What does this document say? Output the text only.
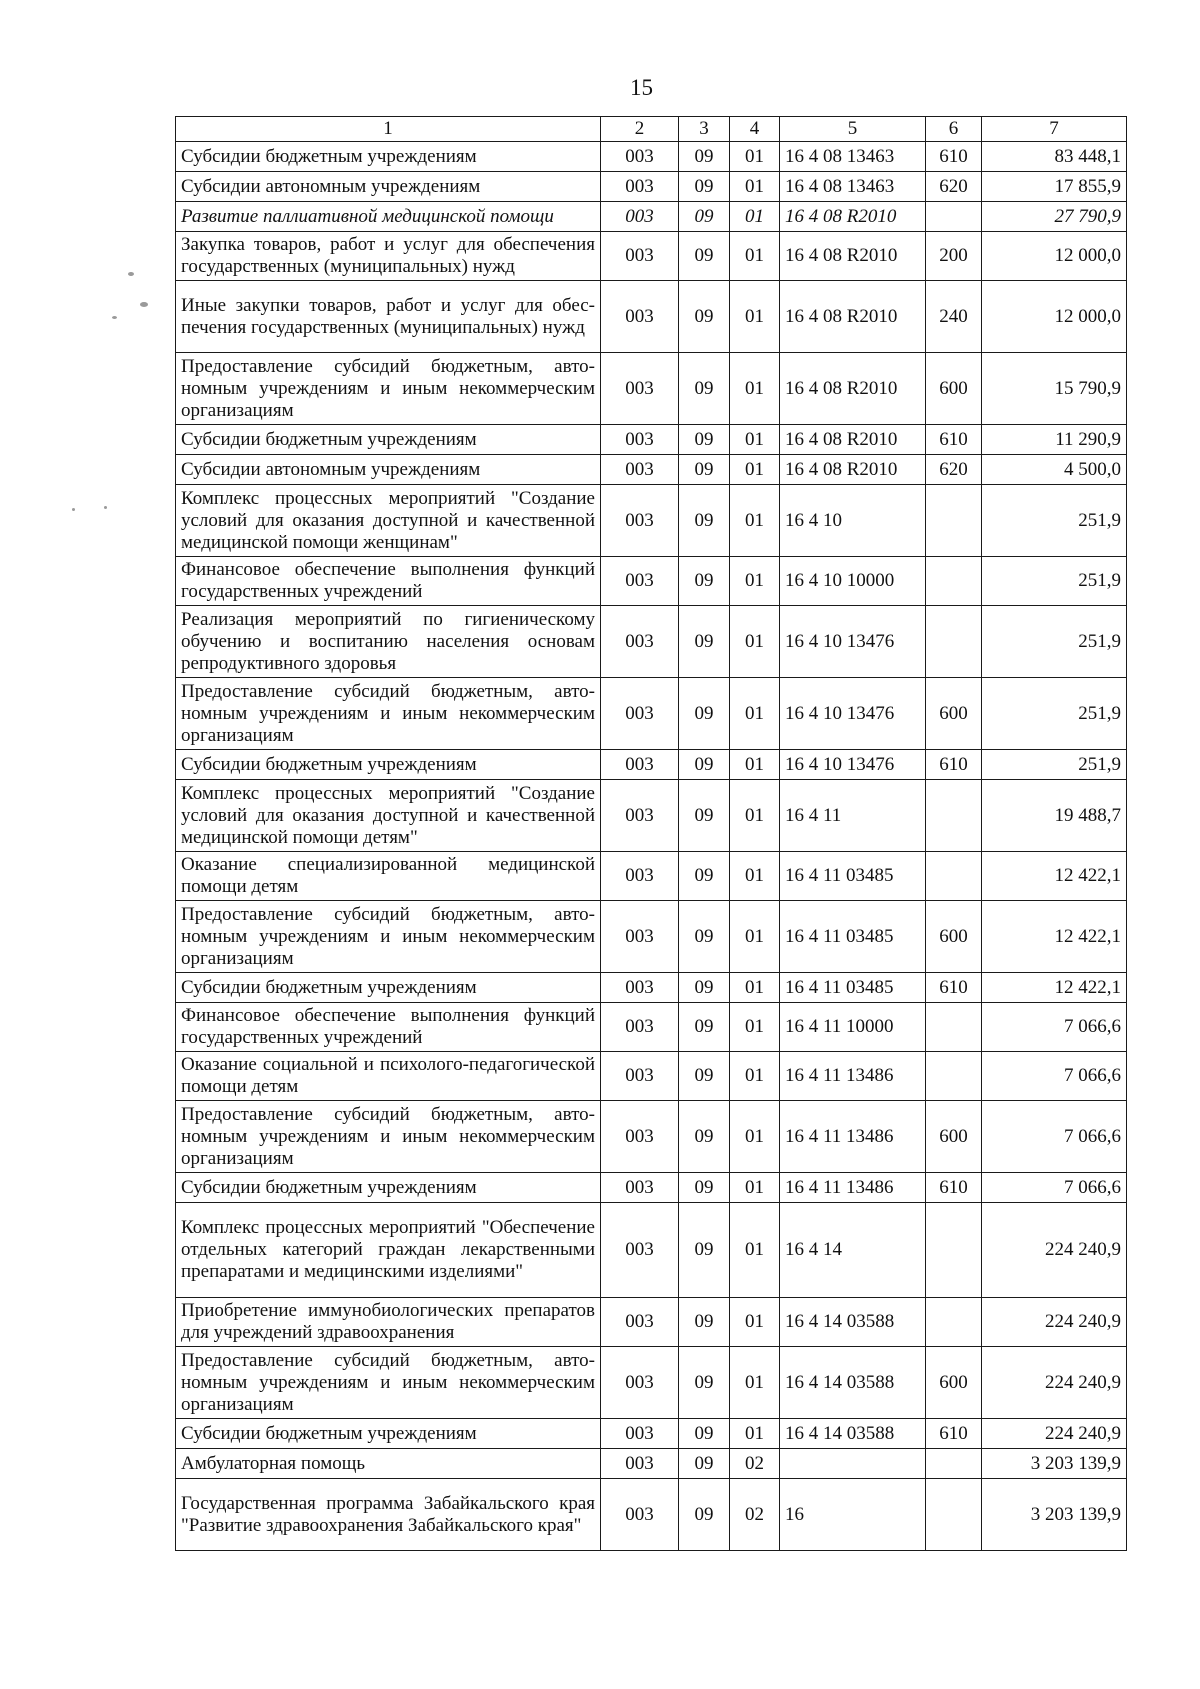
15
1	2	3	4	5	6	7
Субсидии бюджетным учреждениям	003	09	01	16 4 08 13463	610	83 448,1
Субсидии автономным учреждениям	003	09	01	16 4 08 13463	620	17 855,9
Развитие паллиативной медицинской помощи	003	09	01	16 4 08 R2010		27 790,9
Закупка товаров, работ и услуг для обеспечения государственных (муниципальных) нужд	003	09	01	16 4 08 R2010	200	12 000,0
Иные закупки товаров, работ и услуг для обеспечения государственных (муниципальных) нужд	003	09	01	16 4 08 R2010	240	12 000,0
Предоставление субсидий бюджетным, автономным учреждениям и иным некоммерческим организациям	003	09	01	16 4 08 R2010	600	15 790,9
Субсидии бюджетным учреждениям	003	09	01	16 4 08 R2010	610	11 290,9
Субсидии автономным учреждениям	003	09	01	16 4 08 R2010	620	4 500,0
Комплекс процессных мероприятий "Создание условий для оказания доступной и качественной медицинской помощи женщинам"	003	09	01	16 4 10		251,9
Финансовое обеспечение выполнения функций государственных учреждений	003	09	01	16 4 10 10000		251,9
Реализация мероприятий по гигиеническому обучению и воспитанию населения основам репродуктивного здоровья	003	09	01	16 4 10 13476		251,9
Предоставление субсидий бюджетным, автономным учреждениям и иным некоммерческим организациям	003	09	01	16 4 10 13476	600	251,9
Субсидии бюджетным учреждениям	003	09	01	16 4 10 13476	610	251,9
Комплекс процессных мероприятий "Создание условий для оказания доступной и качественной медицинской помощи детям"	003	09	01	16 4 11		19 488,7
Оказание специализированной медицинской помощи детям	003	09	01	16 4 11 03485		12 422,1
Предоставление субсидий бюджетным, автономным учреждениям и иным некоммерческим организациям	003	09	01	16 4 11 03485	600	12 422,1
Субсидии бюджетным учреждениям	003	09	01	16 4 11 03485	610	12 422,1
Финансовое обеспечение выполнения функций государственных учреждений	003	09	01	16 4 11 10000		7 066,6
Оказание социальной и психолого-педагогической помощи детям	003	09	01	16 4 11 13486		7 066,6
Предоставление субсидий бюджетным, автономным учреждениям и иным некоммерческим организациям	003	09	01	16 4 11 13486	600	7 066,6
Субсидии бюджетным учреждениям	003	09	01	16 4 11 13486	610	7 066,6
Комплекс процессных мероприятий "Обеспечение отдельных категорий граждан лекарственными препаратами и медицинскими изделиями"	003	09	01	16 4 14		224 240,9
Приобретение иммунобиологических препаратов для учреждений здравоохранения	003	09	01	16 4 14 03588		224 240,9
Предоставление субсидий бюджетным, автономным учреждениям и иным некоммерческим организациям	003	09	01	16 4 14 03588	600	224 240,9
Субсидии бюджетным учреждениям	003	09	01	16 4 14 03588	610	224 240,9
Амбулаторная помощь	003	09	02			3 203 139,9
Государственная программа Забайкальского края "Развитие здравоохранения Забайкальского края"	003	09	02	16		3 203 139,9
